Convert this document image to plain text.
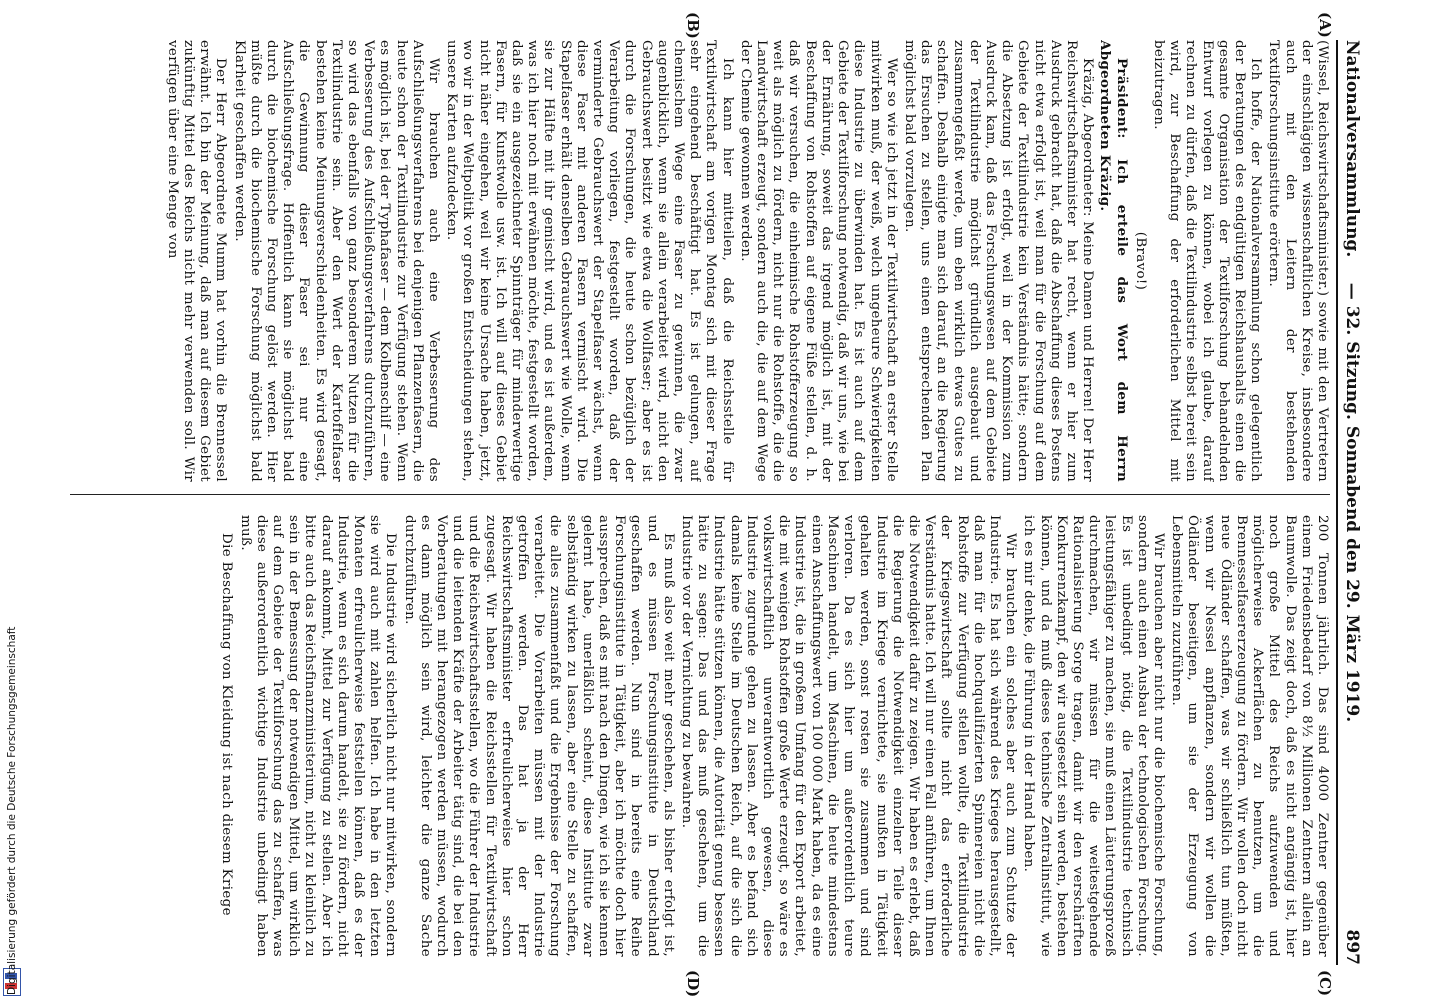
Nationalversammlung.
— 32. Sitzung. Sonnabend den 29. März 1919.
897
(A)
(B)
(C)
(D)

(Wissel, Reichswirtschaftsminister.) sowie mit den Vertretern der einschlägigen wissenschaftlichen Kreise, insbesondere auch mit den Leitern der bestehenden Textilforschungsinstitute erörtern.

Ich hoffe, der Nationalversammlung schon gelegentlich der Beratungen des endgültigen Reichshaushalts einen die gesamte Organisation der Textilforschung behandelnden Entwurf vorlegen zu können, wobei ich glaube, darauf rechnen zu dürfen, daß die Textilindustrie selbst bereit sein wird, zur Beschaffung der erforderlichen Mittel mit beizutragen.

(Bravo!)

Präsident: Ich erteile das Wort dem Herrn Abgeordneten Kräzig.

Kräzig, Abgeordneter: Meine Damen und Herren! Der Herr Reichswirtschaftsminister hat recht, wenn er hier zum Ausdruck gebracht hat, daß die Abschaffung dieses Postens nicht etwa erfolgt ist, weil man für die Forschung auf dem Gebiete der Textilindustrie kein Verständnis hätte; sondern die Absetzung ist erfolgt, weil in der Kommission zum Ausdruck kam, daß das Forschungswesen auf dem Gebiete der Textilindustrie möglichst gründlich ausgebaut und zusammengefaßt werde, um eben wirklich etwas Gutes zu schaffen. Deshalb einigte man sich darauf, an die Regierung das Ersuchen zu stellen, uns einen entsprechenden Plan möglichst bald vorzulegen.

Wer so wie ich jetzt in der Textilwirtschaft an erster Stelle mitwirken muß, der weiß, welch ungeheure Schwierigkeiten diese Industrie zu überwinden hat. Es ist auch auf dem Gebiete der Textilforschung notwendig, daß wir uns, wie bei der Ernährung, soweit das irgend möglich ist, mit der Beschaffung von Rohstoffen auf eigene Füße stellen, d. h. daß wir versuchen, die einheimische Rohstofferzeugung so weit als möglich zu fördern, nicht nur die Rohstoffe, die die Landwirtschaft erzeugt, sondern auch die, die auf dem Wege der Chemie gewonnen werden.

Ich kann hier mitteilen, daß die Reichsstelle für Textilwirtschaft am vorigen Montag sich mit dieser Frage sehr eingehend beschäftigt hat. Es ist gelungen, auf chemischem Wege eine Faser zu gewinnen, die zwar augenblicklich, wenn sie allein verarbeitet wird, nicht den Gebrauchswert besitzt wie etwa die Wollfaser; aber es ist durch die Forschungen, die heute schon bezüglich der Verarbeitung vorliegen, festgestellt worden, daß der verminderte Gebrauchswert der Stapelfaser wächst, wenn diese Faser mit anderen Fasern vermischt wird. Die Stapelfaser erhält denselben Gebrauchswert wie Wolle, wenn sie zur Hälfte mit ihr gemischt wird, und es ist außerdem, was ich hier noch mit erwähnen möchte, festgestellt worden, daß sie ein ausgezeichneter Spinnträger für minderwertige Fasern, für Kunstwolle usw. ist. Ich will auf dieses Gebiet nicht näher eingehen, weil wir keine Ursache haben, jetzt, wo wir in der Weltpolitik vor großen Entscheidungen stehen, unsere Karten aufzudecken.

Wir brauchen auch eine Verbesserung des Aufschließungsverfahrens bei denjenigen Pflanzenfasern, die heute schon der Textilindustrie zur Verfügung stehen. Wenn es möglich ist, bei der Typhafaser — dem Kolbenschilf — eine Verbesserung des Aufschließungsverfahrens durchzuführen, so wird das ebenfalls von ganz besonderem Nutzen für die Textilindustrie sein. Aber den Wert der Kartoffelfaser bestehen keine Meinungsverschiedenheiten. Es wird gesagt, die Gewinnung dieser Faser sei nur eine Aufschließungsfrage. Hoffentlich kann sie möglichst bald durch die biochemische Forschung gelöst werden. Hier müßte durch die biochemische Forschung möglichst bald Klarheit geschaffen werden.

Der Herr Abgeordnete Mumm hat vorhin die Brennessel erwähnt. Ich bin der Meinung, daß man auf diesem Gebiet zukünftig Mittel des Reichs nicht mehr verwenden soll. Wir verfügen über eine Menge von

200 Tonnen jährlich. Das sind 4000 Zentner gegenüber einem Friedensbedarf von 8½ Millionen Zentnern allein an Baumwolle. Das zeigt doch, daß es nicht angängig ist, hier noch große Mittel des Reichs aufzuwenden und möglicherweise Ackerflächen zu benutzen, um die Brennesselfasererzeugung zu fördern. Wir wollen doch nicht neue Ödländer schaffen, was wir schließlich tun müßten, wenn wir Nessel anpflanzen, sondern wir wollen die Ödländer beseitigen, um sie der Erzeugung von Lebensmitteln zuzuführen.

Wir brauchen aber nicht nur die biochemische Forschung, sondern auch einen Ausbau der technologischen Forschung. Es ist unbedingt nötig, die Textilindustrie technisch leistungsfähiger zu machen, sie muß einen Läuterungsprozeß durchmachen, wir müssen für die weitestgehende Rationalisierung Sorge tragen, damit wir den verschärften Konkurrenzkampf, den wir ausgesetzt sein werden, bestehen können, und da muß dieses technische Zentralinstitut, wie ich es mir denke, die Führung in der Hand haben.

Wir brauchen ein solches aber auch zum Schutze der Industrie. Es hat sich während des Krieges herausgestellt, daß man für die hochqualifizierten Spinnereien nicht die Rohstoffe zur Verfügung stellen wollte, die Textilindustrie der Kriegswirtschaft sollte nicht das erforderliche Verständnis hatte. Ich will nur einen Fall anführen, um Ihnen die Notwendigkeit dafür zu zeigen. Wir haben es erlebt, daß die Regierung die Notwendigkeit einzelner Teile dieser Industrie im Kriege vernichtete, sie mußten in Tätigkeit gehalten werden, sonst rosten sie zusammen und sind verloren. Da es sich hier um außerordentlich teure Maschinen handelt, um Maschinen, die heute mindestens einen Anschaffungswert von 100 000 Mark haben, da es eine Industrie ist, die in großem Umfang für den Export arbeitet, die mit wenigen Rohstoffen große Werte erzeugt, so wäre es volkswirtschaftlich unverantwortlich gewesen, diese Industrie zugrunde gehen zu lassen. Aber es befand sich damals keine Stelle im Deutschen Reich, auf die sich die Industrie hätte stützen können, die Autorität genug besessen hätte zu sagen: Das und das muß geschehen, um die Industrie vor der Vernichtung zu bewahren.

Es muß also weit mehr geschehen, als bisher erfolgt ist, und es müssen Forschungsinstitute in Deutschland geschaffen werden. Nun sind in bereits eine Reihe Forschungsinstitute in Tätigkeit, aber ich möchte doch hier aussprechen, daß es mit nach den Dingen, wie ich sie kennen gelernt habe, unerläßlich scheint, diese Institute zwar selbständig wirken zu lassen, aber eine Stelle zu schaffen, die alles zusammenfaßt und die Ergebnisse der Forschung verarbeitet. Die Vorarbeiten müssen mit der Industrie getroffen werden. Das hat ja der Herr Reichswirtschaftsminister erfreulicherweise hier schon zugesagt. Wir haben die Reichsstellen für Textilwirtschaft und die Reichswirtschaftsstellen, wo die Führer der Industrie und die leitenden Kräfte der Arbeiter tätig sind, die bei den Vorberatungen mit herangezogen werden müssen, wodurch es dann möglich sein wird, leichter die ganze Sache durchzuführen.

Die Industrie wird sicherlich nicht nur mitwirken, sondern sie wird auch mit zahlen helfen. Ich habe in den letzten Monaten erfreulicherweise feststellen können, daß es der Industrie, wenn es sich darum handelt, sie zu fördern, nicht darauf ankommt, Mittel zur Verfügung zu stellen. Aber ich bitte auch das Reichsfinanzministerium, nicht zu kleinlich zu sein in der Bemessung der notwendigen Mittel, um wirklich auf dem Gebiete der Textilforschung das zu schaffen, was diese außerordentlich wichtige Industrie unbedingt haben muß.

Die Beschaffung von Kleidung ist nach diesem Kriege

Digitalisierung gefördert durch die Deutsche Forschungsgemeinschaft
